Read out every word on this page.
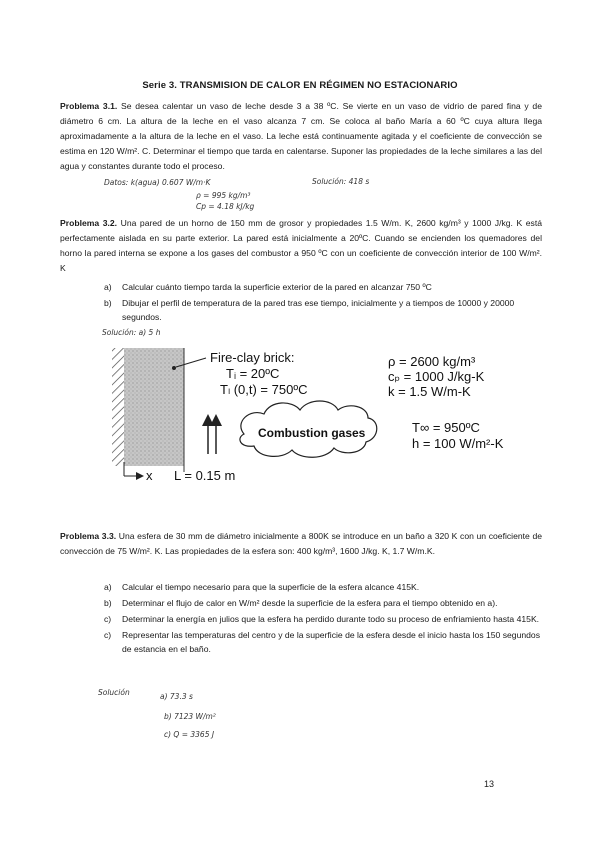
Serie 3. TRANSMISION DE CALOR EN RÉGIMEN NO ESTACIONARIO

Problema 3.1. Se desea calentar un vaso de leche desde 3 a 38 ºC. Se vierte en un vaso de vidrio de pared fina y de diámetro 6 cm. La altura de la leche en el vaso alcanza 7 cm. Se coloca al baño María a 60 ºC cuya altura llega aproximadamente a la altura de la leche en el vaso. La leche está continuamente agitada y el coeficiente de convección se estima en 120 W/m². C. Determinar el tiempo que tarda en calentarse. Suponer las propiedades de la leche similares a las del agua y constantes durante todo el proceso.

Datos: k(agua) 0.607 W/m·K
ρ = 995 kg/m³
Cp = 4.18 kJ/kg
Solución: 418 s

Problema 3.2. Una pared de un horno de 150 mm de grosor y propiedades 1.5 W/m. K, 2600 kg/m³ y 1000 J/kg. K está perfectamente aislada en su parte exterior. La pared está inicialmente a 20ºC. Cuando se encienden los quemadores del horno la pared interna se expone a los gases del combustor a 950 ºC con un coeficiente de convección interior de 100 W/m². K

a) Calcular cuánto tiempo tarda la superficie exterior de la pared en alcanzar 750 ºC
b) Dibujar el perfil de temperatura de la pared tras ese tiempo, inicialmente y a tiempos de 10000 y 20000 segundos.
Solución: a) 5 h
Fire-clay brick:
Tᵢ = 20ºC
Tₗ (0,t) = 750ºC
ρ = 2600 kg/m³
cₚ = 1000 J/kg-K
k = 1.5 W/m-K
Combustion gases	T∞ = 950ºC
h = 100 W/m²-K
x L = 0.15 m

Problema 3.3. Una esfera de 30 mm de diámetro inicialmente a 800K se introduce en un baño a 320 K con un coeficiente de convección de 75 W/m². K. Las propiedades de la esfera son: 400 kg/m³, 1600 J/kg. K, 1.7 W/m.K.

a) Calcular el tiempo necesario para que la superficie de la esfera alcance 415K.
b) Determinar el flujo de calor en W/m² desde la superficie de la esfera para el tiempo obtenido en a).
c) Determinar la energía en julios que la esfera ha perdido durante todo su proceso de enfriamiento hasta 415K.
c) Representar las temperaturas del centro y de la superficie de la esfera desde el inicio hasta los 150 segundos de estancia en el baño.
Solución	a) 73.3 s
b) 7123 W/m²
c) Q = 3365 J
13
